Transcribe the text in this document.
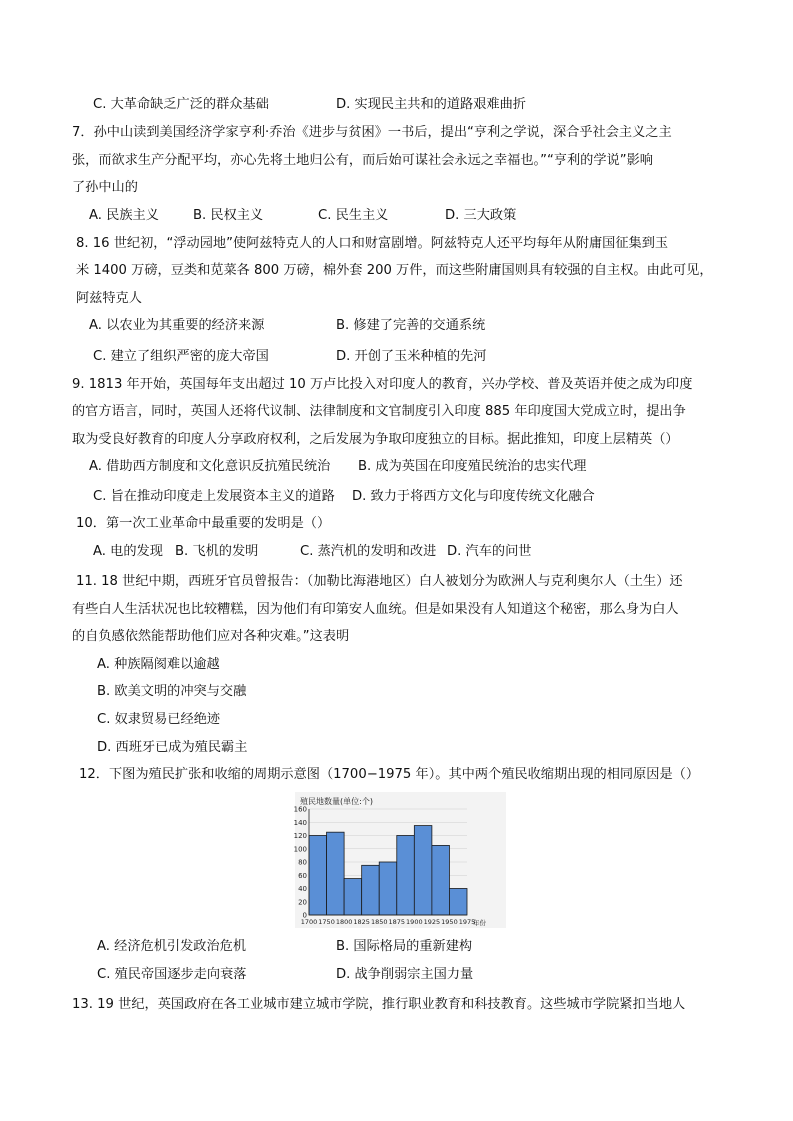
C. 大革命缺乏广泛的群众基础	D. 实现民主共和的道路艰难曲折
7．孙中山读到美国经济学家亨利·乔治《进步与贫困》一书后，提出“亨利之学说，深合乎社会主义之主
张，而欲求生产分配平均，亦心先将土地归公有，而后始可谋社会永远之幸福也。”“亨利的学说”影响
了孙中山的
A. 民族主义	B. 民权主义	C. 民生主义	D. 三大政策
8. 16 世纪初，“浮动园地”使阿兹特克人的人口和财富剧增。阿兹特克人还平均每年从附庸国征集到玉
米 1400 万磅，豆类和苋菜各 800 万磅，棉外套 200 万件，而这些附庸国则具有较强的自主权。由此可见，
阿兹特克人
A. 以农业为其重要的经济来源	B. 修建了完善的交通系统
C. 建立了组织严密的庞大帝国	D. 开创了玉米种植的先河
9. 1813 年开始，英国每年支出超过 10 万卢比投入对印度人的教育，兴办学校、普及英语并使之成为印度
的官方语言，同时，英国人还将代议制、法律制度和文官制度引入印度 885 年印度国大党成立时，提出争
取为受良好教育的印度人分享政府权利，之后发展为争取印度独立的目标。据此推知，印度上层精英（）
A. 借助西方制度和文化意识反抗殖民统治 B. 成为英国在印度殖民统治的忠实代理
C. 旨在推动印度走上发展资本主义的道路 D. 致力于将西方文化与印度传统文化融合
10．第一次工业革命中最重要的发明是（）
A. 电的发现 B. 飞机的发明	C. 蒸汽机的发明和改进 D. 汽车的问世
11. 18 世纪中期，西班牙官员曾报告：（加勒比海港地区）白人被划分为欧洲人与克利奥尔人（土生）还
有些白人生活状况也比较糟糕，因为他们有印第安人血统。但是如果没有人知道这个秘密，那么身为白人
的自负感依然能帮助他们应对各种灾难。”这表明
A. 种族隔阂难以逾越
B. 欧美文明的冲突与交融
C. 奴隶贸易已经绝迹
D. 西班牙已成为殖民霸主
12．下图为殖民扩张和收缩的周期示意图（1700−1975 年）。其中两个殖民收缩期出现的相同原因是（）
殖民地数量(单位:个)
0
20
40
60
80
100
120
140
160
1700 1750 1800 1825 1850 1875 1900 1925 1950 1975
年份
A. 经济危机引发政治危机	B. 国际格局的重新建构
C. 殖民帝国逐步走向衰落	D. 战争削弱宗主国力量
13. 19 世纪，英国政府在各工业城市建立城市学院，推行职业教育和科技教育。这些城市学院紧扣当地人
